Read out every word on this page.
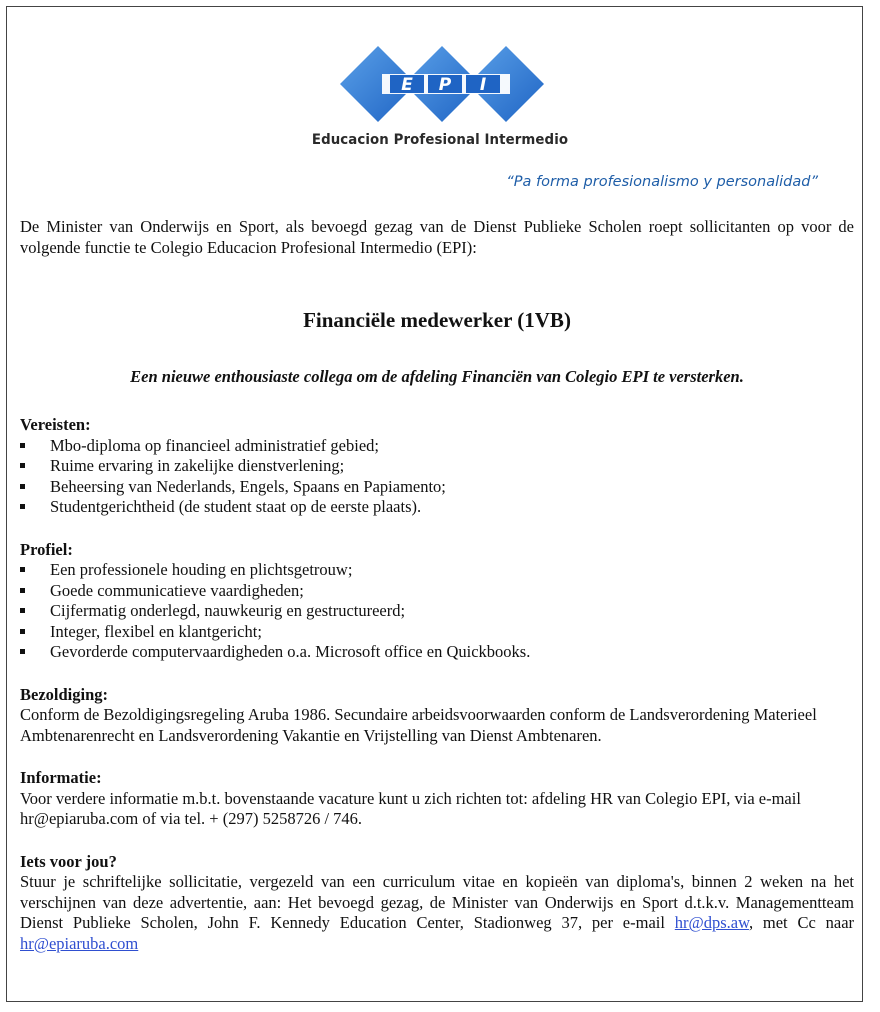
E P I
Educacion Profesional Intermedio
“Pa forma profesionalismo y personalidad”

De Minister van Onderwijs en Sport, als bevoegd gezag van de Dienst Publieke Scholen roept sollicitanten op voor de volgende functie te Colegio Educacion Profesional Intermedio (EPI):

Financiële medewerker (1VB)

Een nieuwe enthousiaste collega om de afdeling Financiën van Colegio EPI te versterken.

Vereisten:

Mbo-diploma op financieel administratief gebied;
Ruime ervaring in zakelijke dienstverlening;
Beheersing van Nederlands, Engels, Spaans en Papiamento;
Studentgerichtheid (de student staat op de eerste plaats).

Profiel:

Een professionele houding en plichtsgetrouw;
Goede communicatieve vaardigheden;
Cijfermatig onderlegd, nauwkeurig en gestructureerd;
Integer, flexibel en klantgericht;
Gevorderde computervaardigheden o.a. Microsoft office en Quickbooks.

Bezoldiging:

Conform de Bezoldigingsregeling Aruba 1986. Secundaire arbeidsvoorwaarden conform de Landsverordening Materieel Ambtenarenrecht en Landsverordening Vakantie en Vrijstelling van Dienst Ambtenaren.

Informatie:

Voor verdere informatie m.b.t. bovenstaande vacature kunt u zich richten tot: afdeling HR van Colegio EPI, via e-mail hr@epiaruba.com of via tel. + (297) 5258726 / 746.

Iets voor jou?

Stuur je schriftelijke sollicitatie, vergezeld van een curriculum vitae en kopieën van diploma's, binnen 2 weken na het verschijnen van deze advertentie, aan: Het bevoegd gezag, de Minister van Onderwijs en Sport d.t.k.v. Managementteam Dienst Publieke Scholen, John F. Kennedy Education Center, Stadionweg 37, per e-mail hr@dps.aw, met Cc naar hr@epiaruba.com
